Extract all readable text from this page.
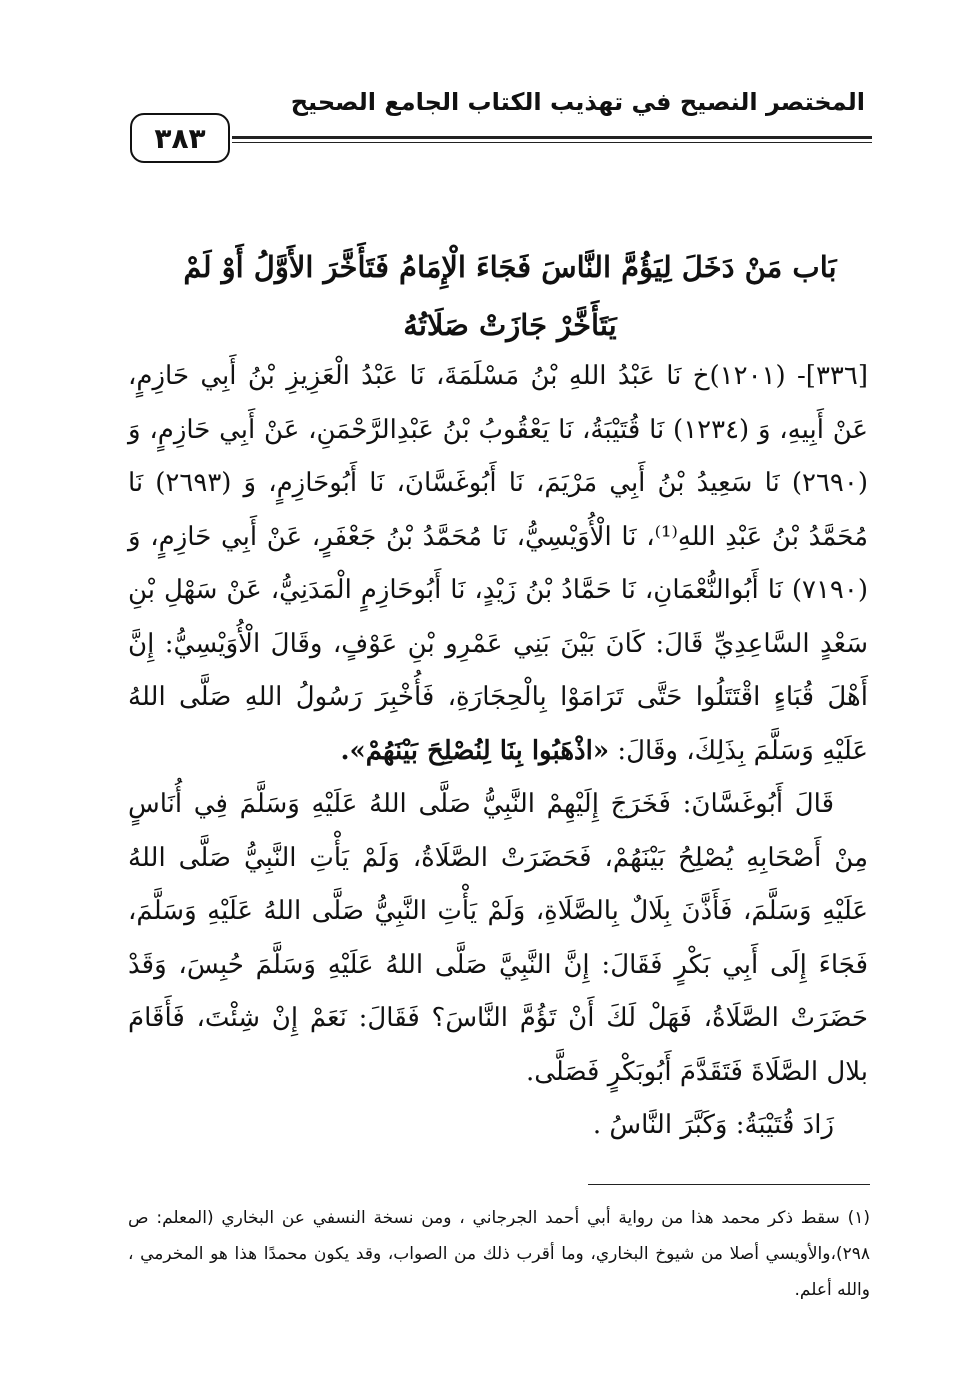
المختصر النصيح في تهذيب الكتاب الجامع الصحيح
٣٨٣
بَاب مَنْ دَخَلَ لِيَؤُمَّ النَّاسَ فَجَاءَ الْإِمَامُ فَتَأَخَّرَ الأَوَّلُ أَوْ لَمْ يَتَأَخَّرْ جَازَتْ صَلَاتُهُ

[٣٣٦]- (١٢٠١)خ نَا عَبْدُ اللهِ بْنُ مَسْلَمَةَ، نَا عَبْدُ الْعَزِيزِ بْنُ أَبِي حَازِمٍ، عَنْ أَبِيهِ، وَ (١٢٣٤) نَا قُتَيْبَةُ، نَا يَعْقُوبُ بْنُ عَبْدِالرَّحْمَنِ، عَنْ أَبِي حَازِمٍ، وَ (٢٦٩٠) نَا سَعِيدُ بْنُ أَبِي مَرْيَمَ، نَا أَبُوغَسَّانَ، نَا أَبُوحَازِمٍ، وَ (٢٦٩٣) نَا مُحَمَّدُ بْنُ عَبْدِ اللهِ⁽¹⁾، نَا الْأُوَيْسِيُّ، نَا مُحَمَّدُ بْنُ جَعْفَرٍ، عَنْ أَبِي حَازِمٍ، وَ (٧١٩٠) نَا أَبُوالنُّعْمَانِ، نَا حَمَّادُ بْنُ زَيْدٍ، نَا أَبُوحَازِمٍ الْمَدَنِيُّ، عَنْ سَهْلِ بْنِ سَعْدٍ السَّاعِدِيِّ قَالَ: كَانَ بَيْنَ بَنِي عَمْرِو بْنِ عَوْفٍ، وقَالَ الْأُوَيْسِيُّ: إِنَّ أَهْلَ قُبَاءٍ اقْتَتَلُوا حَتَّى تَرَامَوْا بِالْحِجَارَةِ، فَأُخْبِرَ رَسُولُ اللهِ صَلَّى اللهُ عَلَيْهِ وَسَلَّمَ بِذَلِكَ، وقَالَ: «اذْهَبُوا بِنَا لِنُصْلِحَ بَيْنَهُمْ».

قَالَ أَبُوغَسَّانَ: فَخَرَجَ إِلَيْهِمْ النَّبِيُّ صَلَّى اللهُ عَلَيْهِ وَسَلَّمَ فِي أُنَاسٍ مِنْ أَصْحَابِهِ يُصْلِحُ بَيْنَهُمْ، فَحَضَرَتْ الصَّلَاةُ، وَلَمْ يَأْتِ النَّبِيُّ صَلَّى اللهُ عَلَيْهِ وَسَلَّمَ، فَأَذَّنَ بِلَالٌ بِالصَّلَاةِ، وَلَمْ يَأْتِ النَّبِيُّ صَلَّى اللهُ عَلَيْهِ وَسَلَّمَ، فَجَاءَ إِلَى أَبِي بَكْرٍ فَقَالَ: إِنَّ النَّبِيَّ صَلَّى اللهُ عَلَيْهِ وَسَلَّمَ حُبِسَ، وَقَدْ حَضَرَتْ الصَّلَاةُ، فَهَلْ لَكَ أَنْ تَؤُمَّ النَّاسَ؟ فَقَالَ: نَعَمْ إِنْ شِئْتَ، فَأَقَامَ بلال الصَّلَاةَ فَتَقَدَّمَ أَبُوبَكْرٍ فَصَلَّى.

زَادَ قُتَيْبَةُ: وَكَبَّرَ النَّاسُ .

(١) سقط ذكر محمد هذا من رواية أبي أحمد الجرجاني ، ومن نسخة النسفي عن البخاري (المعلم: ص ٢٩٨)،والأويسي أصلا من شيوخ البخاري، وما أقرب ذلك من الصواب، وقد يكون محمدًا هذا هو المخرمي ، والله أعلم.
